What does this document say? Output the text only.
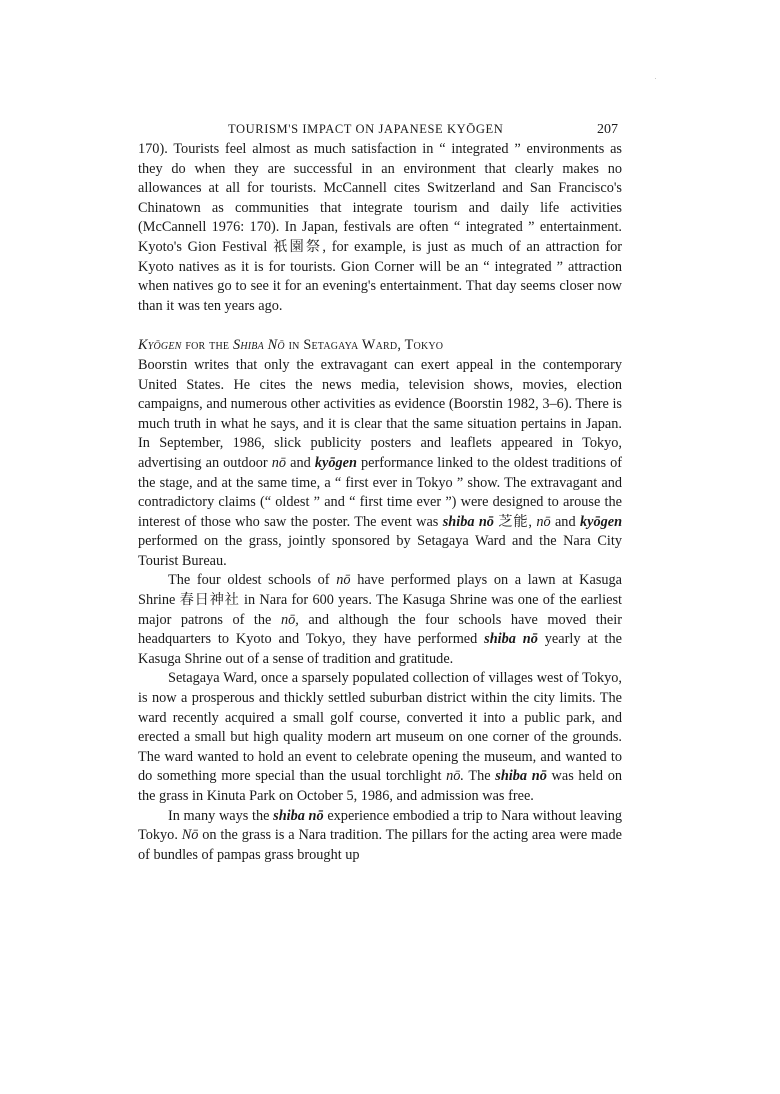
TOURISM'S IMPACT ON JAPANESE KYŌGEN	207

170). Tourists feel almost as much satisfaction in “ integrated ” environments as they do when they are successful in an environment that clearly makes no allowances at all for tourists. McCannell cites Switzerland and San Francisco's Chinatown as communities that integrate tourism and daily life activities (McCannell 1976: 170). In Japan, festivals are often “ integrated ” entertainment. Kyoto's Gion Festival 祇園祭, for example, is just as much of an attraction for Kyoto natives as it is for tourists. Gion Corner will be an “ integrated ” attraction when natives go to see it for an evening's entertainment. That day seems closer now than it was ten years ago.

Kyōgen for the Shiba Nō in Setagaya Ward, Tokyo

Boorstin writes that only the extravagant can exert appeal in the contemporary United States. He cites the news media, television shows, movies, election campaigns, and numerous other activities as evidence (Boorstin 1982, 3–6). There is much truth in what he says, and it is clear that the same situation pertains in Japan. In September, 1986, slick publicity posters and leaflets appeared in Tokyo, advertising an outdoor nō and kyōgen performance linked to the oldest traditions of the stage, and at the same time, a “ first ever in Tokyo ” show. The extravagant and contradictory claims (“ oldest ” and “ first time ever ”) were designed to arouse the interest of those who saw the poster. The event was shiba nō 芝能, nō and kyōgen performed on the grass, jointly sponsored by Setagaya Ward and the Nara City Tourist Bureau.

The four oldest schools of nō have performed plays on a lawn at Kasuga Shrine 春日神社 in Nara for 600 years. The Kasuga Shrine was one of the earliest major patrons of the nō, and although the four schools have moved their headquarters to Kyoto and Tokyo, they have performed shiba nō yearly at the Kasuga Shrine out of a sense of tradition and gratitude.

Setagaya Ward, once a sparsely populated collection of villages west of Tokyo, is now a prosperous and thickly settled suburban district within the city limits. The ward recently acquired a small golf course, converted it into a public park, and erected a small but high quality modern art museum on one corner of the grounds. The ward wanted to hold an event to celebrate opening the museum, and wanted to do something more special than the usual torchlight nō. The shiba nō was held on the grass in Kinuta Park on October 5, 1986, and admission was free.

In many ways the shiba nō experience embodied a trip to Nara without leaving Tokyo. Nō on the grass is a Nara tradition. The pillars for the acting area were made of bundles of pampas grass brought up
